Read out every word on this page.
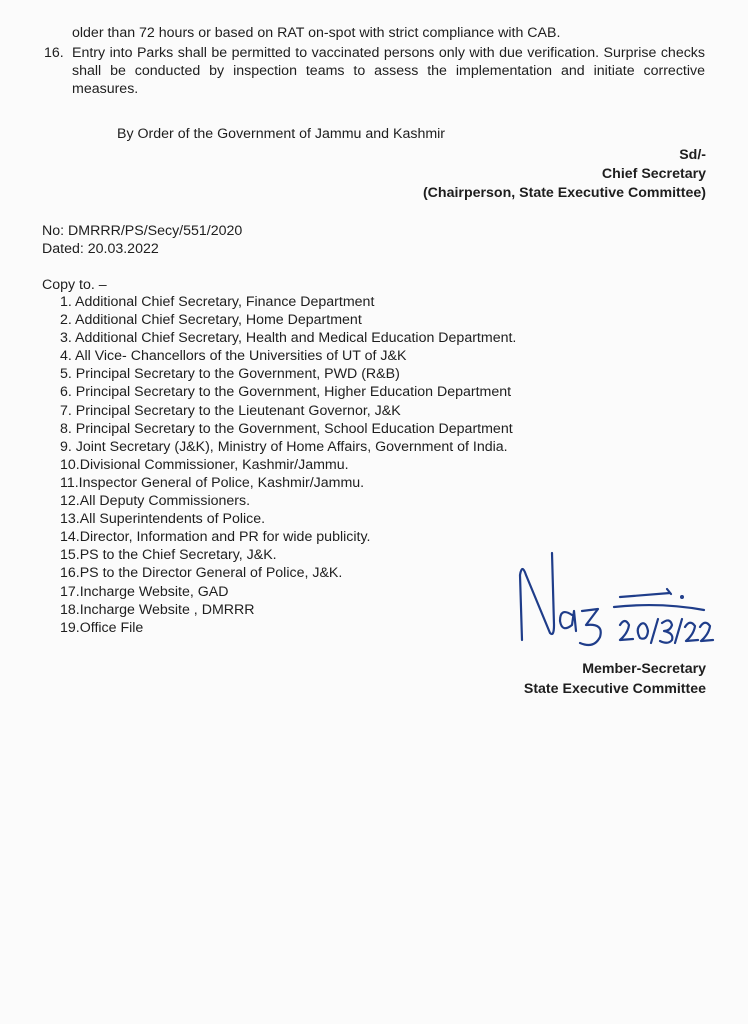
older than 72 hours or based on RAT on-spot with strict compliance with CAB.
16. Entry into Parks shall be permitted to vaccinated persons only with due verification. Surprise checks shall be conducted by inspection teams to assess the implementation and initiate corrective measures.
By Order of the Government of Jammu and Kashmir
Sd/-
Chief Secretary
(Chairperson, State Executive Committee)
No: DMRRR/PS/Secy/551/2020
Dated: 20.03.2022
Copy to. –
1. Additional Chief Secretary, Finance Department
2. Additional Chief Secretary, Home Department
3. Additional Chief Secretary, Health and Medical Education Department.
4. All Vice- Chancellors of the Universities of UT of J&K
5. Principal Secretary to the Government, PWD (R&B)
6. Principal Secretary to the Government, Higher Education Department
7. Principal Secretary to the Lieutenant Governor, J&K
8. Principal Secretary to the Government, School Education Department
9. Joint Secretary (J&K), Ministry of Home Affairs, Government of India.
10.Divisional Commissioner, Kashmir/Jammu.
11.Inspector General of Police, Kashmir/Jammu.
12.All Deputy Commissioners.
13.All Superintendents of Police.
14.Director, Information and PR for wide publicity.
15.PS to the Chief Secretary, J&K.
16.PS to the Director General of Police, J&K.
17.Incharge Website, GAD
18.Incharge Website , DMRRR
19.Office File
Member-Secretary
State Executive Committee
